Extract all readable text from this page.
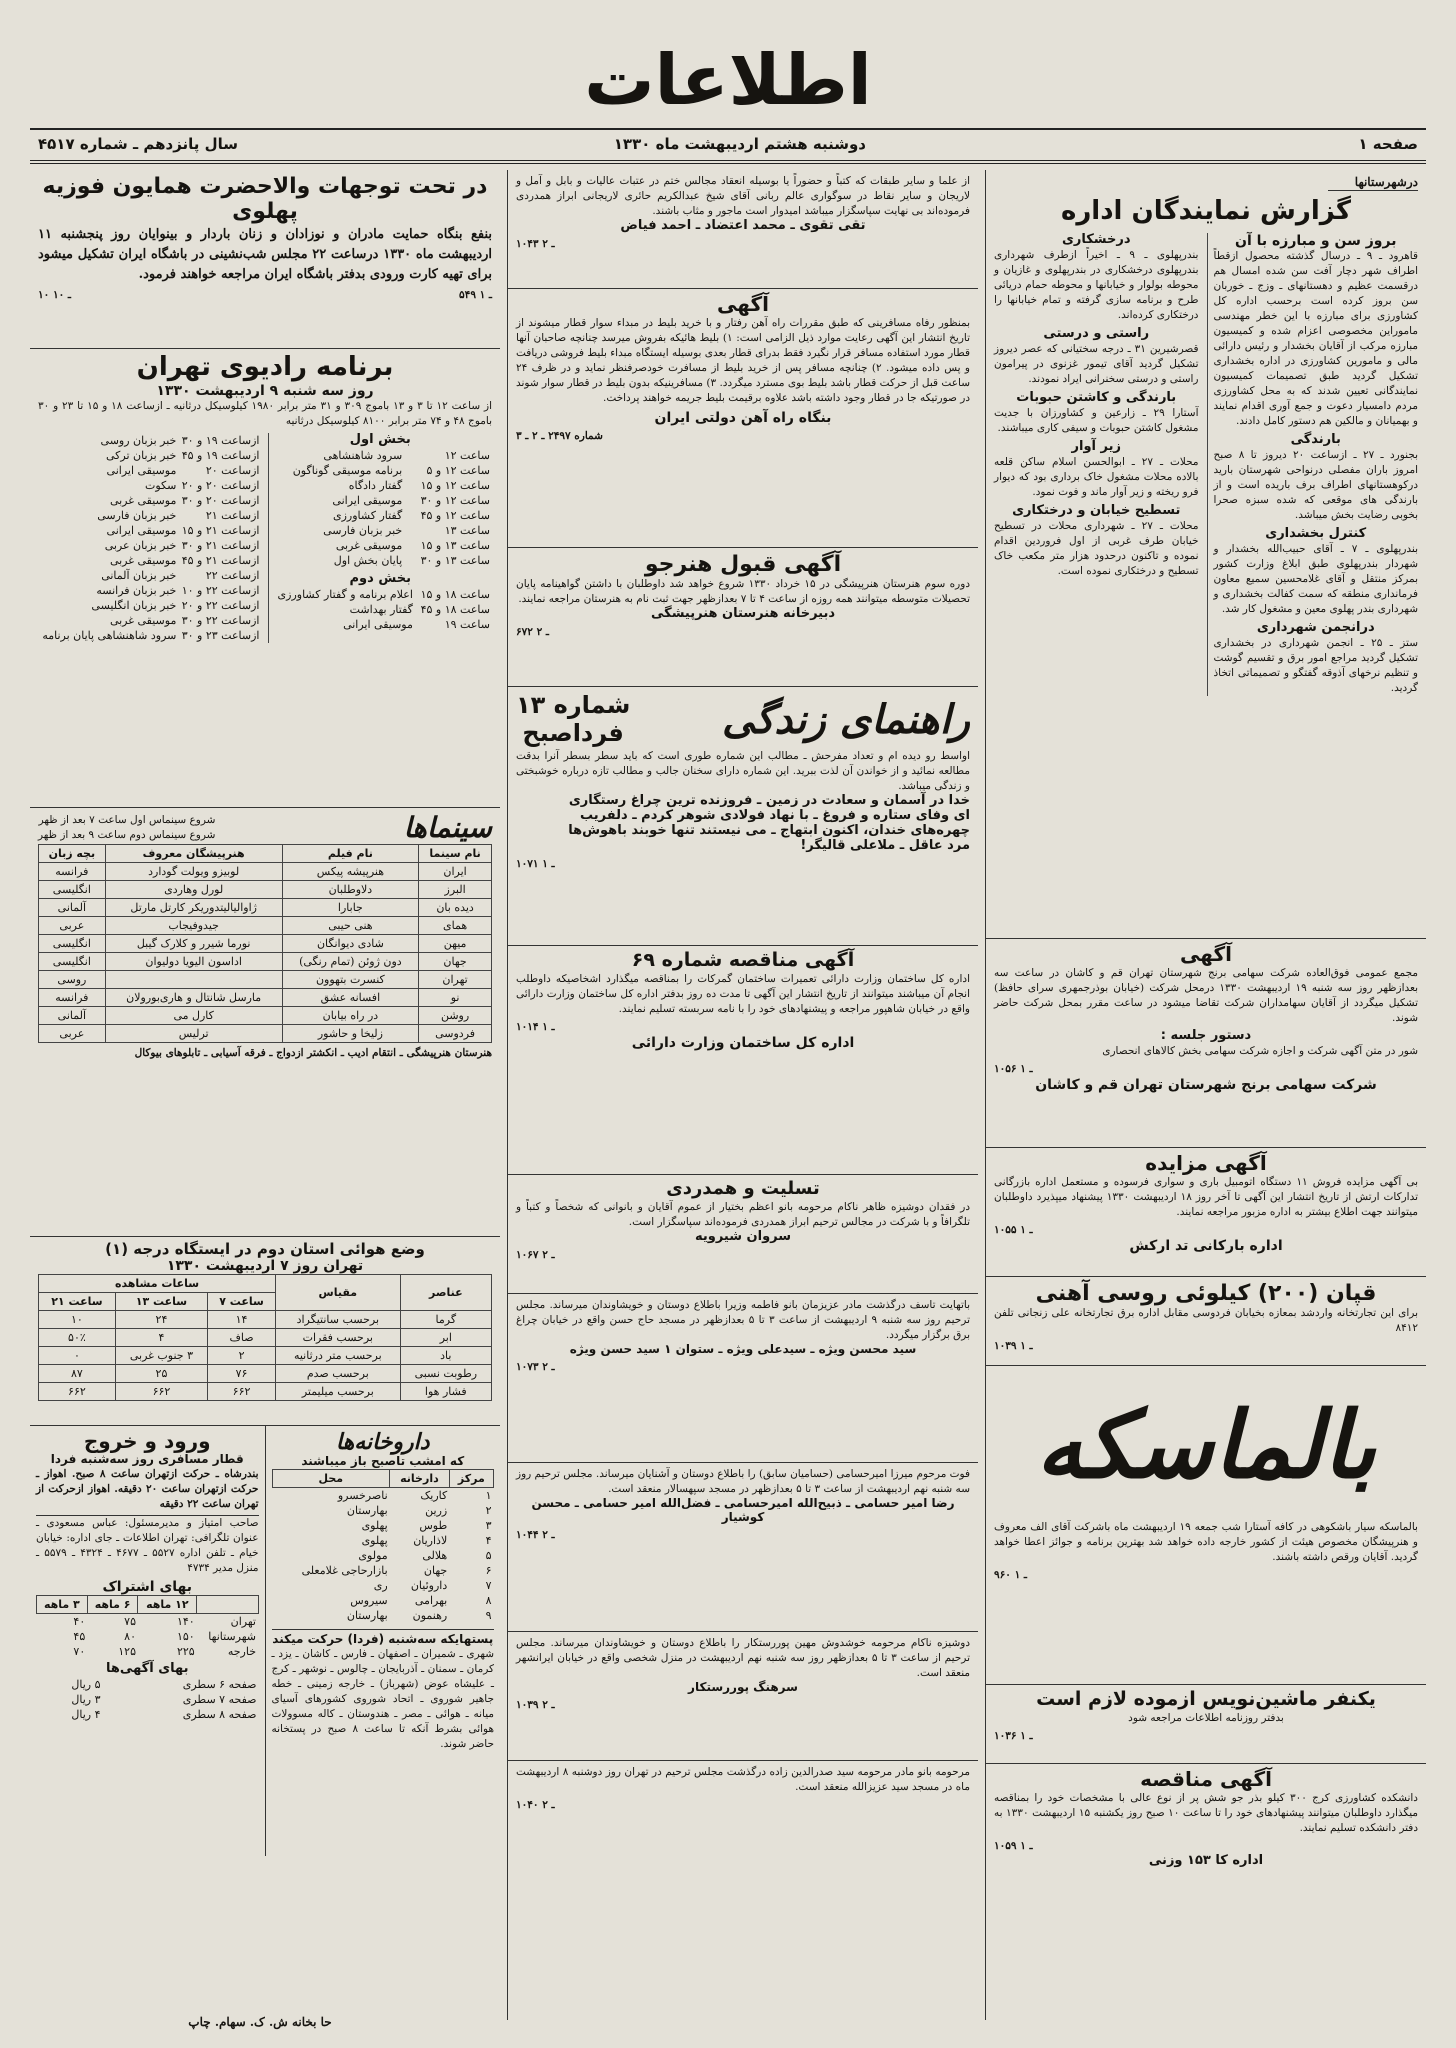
اطلاعات
صفحه ۱
دوشنبه هشتم اردیبهشت ماه ۱۳۳۰
سال پانزدهم ـ شماره ۴۵۱۷
درشهرستانها
گزارش نمایندگان اداره
بروز سن و مبارزه با آن
قاهرود ـ ۹ ـ درسال گذشته محصول ازقطاً اطراف شهر دچار آفت سن شده امسال هم درقسمت عظیم و دهستانهای ـ وزج ـ خوربان سن بروز کرده است برحسب اداره کل کشاورزی برای مبارزه با این خطر مهندسی ماموراین مخصوصی اعزام شده و کمیسیون مبارزه مرکب از آقایان بخشدار و رئیس دارائی مالی و مامورین کشاورزی در اداره بخشداری تشکیل گردید طبق تصمیمات کمیسیون نمایندگانی تعیین شدند که به محل کشاورزی مردم دامسیار دعوت و جمع آوری اقدام نمایند و بهمیانان و مالکین هم دستور کامل دادند.
بارندگی
بجنورد ـ ۲۷ ـ ازساعت ۲۰ دیروز تا ۸ صبح امروز باران مفصلی درنواحی شهرستان بارید درکوهستانهای اطراف برف باریده است و از بارندگی های موقعی که شده سبزه صحرا بخوبی رضایت بخش میباشد.
کنترل بخشداری
بندرپهلوی ـ ۷ ـ آقای حبیب‌الله بخشدار و شهردار بندرپهلوی طبق ابلاغ وزارت کشور بمرکز منتقل و آقای غلامحسین سمیع معاون فرمانداری منطقه که سمت کفالت بخشداری و شهرداری بندر پهلوی معین و مشغول کار شد.
درانجمن شهرداری
ستز ـ ۲۵ ـ انجمن شهرداری در بخشداری تشکیل گردید مراجع امور برق و تقسیم گوشت و تنظیم نرخهای آذوقه گفتگو و تصمیماتی اتخاذ گردید.
درخشکاری
بندرپهلوی ـ ۹ ـ اخیراً ازطرف شهرداری بندرپهلوی درخشکاری در بندرپهلوی و غازیان و محوطه بولوار و خیابانها و محوطه حمام دریائی طرح و برنامه سازی گرفته و تمام خیابانها را درختکاری کرده‌اند.
راستی و درستی
قصرشیرین ۳۱ ـ درجه سختیانی که عصر دیروز تشکیل گردید آقای تیمور غزنوی در پیرامون راستی و درستی سخنرانی ایراد نمودند.
بارندگی و کاشتن حبوبات
آستارا ۲۹ ـ زارعین و کشاورزان با جدیت مشغول کاشتن حبوبات و سیفی کاری میباشند.
زیر آوار
محلات ـ ۲۷ ـ ابوالحسن اسلام ساکن قلعه بالاده محلات مشغول خاک برداری بود که دیوار فرو ریخته و زیر آوار ماند و فوت نمود.
تسطیح خیابان و درختکاری
محلات ـ ۲۷ ـ شهرداری محلات در تسطیح خیابان طرف غربی از اول فروردین اقدام نموده و تاکنون درحدود هزار متر مکعب خاک تسطیح و درختکاری نموده است.
آگهی
مجمع عمومی فوق‌العاده شرکت سهامی برنج شهرستان تهران قم و کاشان در ساعت سه بعدازظهر روز سه شنبه ۱۹ اردیبهشت ۱۳۳۰ درمحل شرکت (خیابان بوذرجمهری سرای حافظ) تشکیل میگردد از آقایان سهامداران شرکت تقاضا میشود در ساعت مقرر بمحل شرکت حاضر شوند.
دستور جلسه :
شور در متن آگهی شرکت و اجازه شرکت سهامی بخش کالاهای انحصاری
۱۰۵۶ ـ ۱
شرکت سهامی برنج شهرستان تهران قم و کاشان
آگهی مزایده
بی آگهی مزایده فروش ۱۱ دستگاه اتومبیل باری و سواری فرسوده و مستعمل اداره بازرگانی تدارکات ارتش از تاریخ انتشار این آگهی تا آخر روز ۱۸ اردیبهشت ۱۳۳۰ پیشنهاد میپذیرد داوطلبان میتوانند جهت اطلاع بیشتر به اداره مزبور مراجعه نمایند.
۱۰۵۵ ـ ۱
اداره بارکانی تد ارکش
قپان (۲۰۰) کیلوئی روسی آهنی
برای این تجارتخانه واردشد بمعازه بخیابان فردوسی مقابل اداره برق تجارتخانه علی زنجانی تلفن ۸۴۱۲
۱۰۳۹ ـ ۱
بالماسکه
بالماسکه سیار باشکوهی در کافه آستارا شب جمعه ۱۹ اردیبهشت ماه باشرکت آقای الف معروف و هنرپیشگان مخصوص هیئت از کشور خارجه داده خواهد شد بهترین برنامه و جوائز اعطا خواهد گردید. آقایان ورقص داشته باشند.
۹۶۰ ـ ۱
یکنفر ماشین‌نویس ازموده لازم است
بدفتر روزنامه اطلاعات مراجعه شود
۱۰۳۶ ـ ۱
آگهی مناقصه
دانشکده کشاورزی کرج ۳۰۰ کیلو بذر جو شش پر از نوع عالی با مشخصات خود را بمناقصه میگذارد داوطلبان میتوانند پیشنهادهای خود را تا ساعت ۱۰ صبح روز یکشنبه ۱۵ اردیبهشت ۱۳۳۰ به دفتر دانشکده تسلیم نمایند.
۱۰۵۹ ـ ۱
اداره کا ۱۵۳ وزنی
از علما و سایر طبقات که کتباً و حضوراً یا بوسیله انعقاد مجالس ختم در عتبات عالیات و بابل و آمل و لاریجان و سایر نقاط در سوگواری عالم ربانی آقای شیخ عبدالکریم حائری لاریجانی ابراز همدردی فرموده‌اند بی نهایت سپاسگزار میباشد امیدوار است ماجور و مثاب باشند.
تقی تقوی ـ محمد اعتضاد ـ احمد فیاض
۱۰۴۳ ـ ۲
آگهی
بمنظور رفاه مسافرینی که طبق مقررات راه آهن رفتار و با خرید بلیط در مبداء سوار قطار میشوند از تاریخ انتشار این آگهی رعایت موارد ذیل الزامی است: ۱) بلیط هائیکه بفروش میرسد چنانچه صاحبان آنها قطار مورد استفاده مسافر قرار نگیرد فقط بدرای قطار بعدی بوسیله ایستگاه مبداء بلیط فروشی دریافت و پس داده میشود. ۲) چنانچه مسافر پس از خرید بلیط از مسافرت خودصرفنظر نماید و در ظرف ۲۴ ساعت قبل از حرکت قطار باشد بلیط بوی مسترد میگردد. ۳) مسافرینیکه بدون بلیط در قطار سوار شوند در صورتیکه جا در قطار وجود داشته باشد علاوه برقیمت بلیط جریمه خواهند پرداخت.
بنگاه راه آهن دولتی ایران
شماره ۲۴۹۷ ـ ۲ ـ ۳
آگهی قبول هنرجو
دوره سوم هنرستان هنرپیشگی در ۱۵ خرداد ۱۳۳۰ شروع خواهد شد داوطلبان با داشتن گواهینامه پایان تحصیلات متوسطه میتوانند همه روزه از ساعت ۴ تا ۷ بعدازظهر جهت ثبت نام به هنرستان مراجعه نمایند.
دبیرخانه هنرستان هنرپیشگی
۶۷۲ ـ ۲
راهنمای زندگی
شماره ۱۳
فرداصبح
اواسط رو دیده ام و تعداد مفرحش ـ مطالب این شماره طوری است که باید سطر بسطر آنرا بدقت مطالعه نمائید و از خواندن آن لذت ببرید. این شماره دارای سخنان جالب و مطالب تازه درباره خوشبختی و زندگی میباشد.
خدا در آسمان و سعادت در زمین ـ فروزنده ترین چراغ رستگاری
ای وفای ستاره و فروغ ـ با نهاد فولادی شوهر کردم ـ دلفریب
چهره‌های خندان، اکنون ابتهاج ـ می نیستند تنها خوبند باهوش‌ها
مرد عاقل ـ ملاعلی قالیگر!
۱۰۷۱ ـ ۱
آگهی مناقصه شماره ۶۹
اداره کل ساختمان وزارت دارائی تعمیرات ساختمان گمرکات را بمناقصه میگذارد اشخاصیکه داوطلب انجام آن میباشند میتوانند از تاریخ انتشار این آگهی تا مدت ده روز بدفتر اداره کل ساختمان وزارت دارائی واقع در خیابان شاهپور مراجعه و پیشنهادهای خود را با نامه سربسته تسلیم نمایند.
۱۰۱۴ ـ ۱
اداره کل ساختمان وزارت دارائی
تسلیت و همدردی
در فقدان دوشیزه ظاهر ناکام مرحومه بانو اعظم بختیار از عموم آقایان و بانوانی که شخصاً و کتباً و تلگرافاً و با شرکت در مجالس ترحیم ابراز همدردی فرموده‌اند سپاسگزار است.
سروان شیرویه
۱۰۶۷ ـ ۲
باتهایت تاسف درگذشت مادر عزیزمان بانو فاطمه وزیرا باطلاع دوستان و خویشاوندان میرساند. مجلس ترحیم روز سه شنبه ۹ اردیبهشت از ساعت ۳ تا ۵ بعدازظهر در مسجد حاج حسن واقع در خیابان چراغ برق برگزار میگردد.
سید محسن ویژه ـ سیدعلی ویژه ـ ستوان ۱ سید حسن ویژه
۱۰۷۳ ـ ۲
فوت مرحوم میرزا امیرحسامی (حسامیان سابق) را باطلاع دوستان و آشنایان میرساند. مجلس ترحیم روز سه شنبه نهم اردیبهشت از ساعت ۳ تا ۵ بعدازظهر در مسجد سپهسالار منعقد است.
رضا امیر حسامی ـ ذبیح‌الله امیرحسامی ـ فضل‌الله امیر حسامی ـ محسن کوشیار
۱۰۴۴ ـ ۲
دوشیزه ناکام مرحومه خوشدوش مهین پوررستکار را باطلاع دوستان و خویشاوندان میرساند. مجلس ترحیم از ساعت ۳ تا ۵ بعدازظهر روز سه شنبه نهم اردیبهشت در منزل شخصی واقع در خیابان ایرانشهر منعقد است.
سرهنگ پوررستکار
۱۰۳۹ ـ ۲
مرحومه بانو مادر مرحومه سید صدرالدین زاده درگذشت مجلس ترحیم در تهران روز دوشنبه ۸ اردیبهشت ماه در مسجد سید عزیزالله منعقد است.
۱۰۴۰ ـ ۲
در تحت توجهات والاحضرت همایون فوزیه پهلوی
بنفع بنگاه حمایت مادران و نوزادان و زنان باردار و بینوایان روز پنجشنبه ۱۱ اردیبهشت ماه ۱۳۳۰ درساعت ۲۲ مجلس شب‌نشینی در باشگاه ایران تشکیل میشود برای تهیه کارت ورودی بدفتر باشگاه ایران مراجعه خواهند فرمود.
۵۴۹ ـ ۱
۱۰ ـ ۱۰
برنامه رادیوی تهران
روز سه شنبه ۹ اردیبهشت ۱۳۳۰
از ساعت ۱۲ تا ۳ و ۱۳ باموج ۳۰۹ و ۳۱ متر برابر ۱۹۸۰ کیلوسیکل درثانیه ـ ازساعت ۱۸ و ۱۵ تا ۲۳ و ۳۰ باموج ۴۸ و ۷۴ متر برابر ۸۱۰۰ کیلوسیکل درثانیه
بخش اول
ساعت ۱۲	سرود شاهنشاهی
ساعت ۱۲ و ۵	برنامه موسیقی گوناگون
ساعت ۱۲ و ۱۵	گفتار دادگاه
ساعت ۱۲ و ۳۰	موسیقی ایرانی
ساعت ۱۲ و ۴۵	گفتار کشاورزی
ساعت ۱۳	خبر بزبان فارسی
ساعت ۱۳ و ۱۵	موسیقی غربی
ساعت ۱۳ و ۳۰	پایان بخش اول
بخش دوم
ساعت ۱۸ و ۱۵	اعلام برنامه و گفتار کشاورزی
ساعت ۱۸ و ۴۵	گفتار بهداشت
ساعت ۱۹	موسیقی ایرانی
ازساعت ۱۹ و ۳۰	خبر بزبان روسی
ازساعت ۱۹ و ۴۵	خبر بزبان ترکی
ازساعت ۲۰	موسیقی ایرانی
ازساعت ۲۰ و ۲۰	سکوت
ازساعت ۲۰ و ۳۰	موسیقی غربی
ازساعت ۲۱	خبر بزبان فارسی
ازساعت ۲۱ و ۱۵	موسیقی ایرانی
ازساعت ۲۱ و ۳۰	خبر بزبان عربی
ازساعت ۲۱ و ۴۵	موسیقی غربی
ازساعت ۲۲	خبر بزبان آلمانی
ازساعت ۲۲ و ۱۰	خبر بزبان فرانسه
ازساعت ۲۲ و ۲۰	خبر بزبان انگلیسی
ازساعت ۲۲ و ۳۰	موسیقی غربی
ازساعت ۲۳ و ۳۰	سرود شاهنشاهی پایان برنامه
سینماها
شروع سینماس اول ساعت ۷ بعد از ظهر
شروع سینماس دوم ساعت ۹ بعد از ظهر
نام سینما	نام فیلم	هنرپیشگان معروف	بچه زبان
ایران	هنرپیشه پیکس	لوبیزو ویولت گودارد	فرانسه
البرز	دلاوطلبان	لورل وهاردی	انگلیسی
دیده بان	جابارا	ژاوالیالیتدوریکر کارتل مارتل	آلمانی
همای	هنی حیبی	جیدوفیجاب	عربی
میهن	شادی دیوانگان	نورما شیرر و کلارک گیبل	انگلیسی
جهان	دون ژوئن (تمام رنگی)	اداسون الیویا دولیوان	انگلیسی
تهران	کنسرت بتهوون		روسی
نو	افسانه عشق	مارسل شانتال و هاری‌بورولان	فرانسه
روشن	در راه بیابان	کارل می	آلمانی
فردوسی	زلیخا و حاشور	ترلیس	عربی
هنرستان هنرپیشگی ـ انتقام ادیب ـ انکشتر ازدواج ـ فرقه آسیابی ـ تابلوهای بیوکال
وضع هوائی استان دوم در ایستگاه درجه (۱)
تهران روز ۷ اردیبهشت ۱۳۳۰
عناصر	مقیاس	ساعات مشاهده		
		ساعت ۷	ساعت ۱۳	ساعت ۲۱
گرما	برحسب سانتیگراد	۱۴	۲۴	۱۰
ابر	برحسب فقرات	صاف	۴	۵۰٪
باد	برحسب متر درثانیه	۲	۳ جنوب غربی	۰
رطوبت نسبی	برحسب صدم	۷۶	۲۵	۸۷
فشار هوا	برحسب میلیمتر	۶۶۲	۶۶۲	۶۶۲
داروخانه‌ها
که امشب تاصبح باز میباشند
مرکز	دارخانه	محل
۱	کاریک	ناصرخسرو
۲	زرین	بهارستان
۳	طوس	پهلوی
۴	لاذاریان	پهلوی
۵	هلالی	مولوی
۶	جهان	بازارحاجی غلامعلی
۷	داروئیان	ری
۸	بهرامی	سیروس
۹	رهنمون	بهارستان
پستهایکه سه‌شنبه (فردا) حرکت میکند
شهری ـ شمیران ـ اصفهان ـ فارس ـ کاشان ـ یزد ـ کرمان ـ سمنان ـ آذربایجان ـ چالوس ـ نوشهر ـ کرج ـ علیشاه عوض (شهرباز) ـ خارجه زمینی ـ خطه جاهیر شوروی ـ اتحاد شوروی کشورهای آسیای میانه ـ هوائی ـ مصر ـ هندوستان ـ کاله مسوولات هوائی بشرط آنکه تا ساعت ۸ صبح در پستخانه حاضر شوند.
ورود و خروج
قطار مسافری روز سه‌شنبه فردا
بندرشاه ـ حرکت ازتهران ساعت ۸ صبح. اهواز ـ حرکت ازتهران ساعت ۲۰ دقیقه. اهواز ازحرکت از تهران ساعت ۲۲ دقیقه
صاحب امتیاز و مدیرمسئول: عباس مسعودی ـ عنوان تلگرافی: تهران اطلاعات ـ جای اداره: خیابان خیام ـ تلفن اداره ۵۵۲۷ ـ ۴۶۷۷ ـ ۴۳۲۴ ـ ۵۵۷۹ ـ منزل مدیر ۴۷۳۴
بهای اشتراک
	۱۲ ماهه	۶ ماهه	۳ ماهه
تهران	۱۴۰	۷۵	۴۰
شهرستانها	۱۵۰	۸۰	۴۵
خارجه	۲۲۵	۱۲۵	۷۰
بهای آگهی‌ها
صفحه ۶ سطری	۵ ریال
صفحه ۷ سطری	۳ ریال
صفحه ۸ سطری	۴ ریال
حا بخانه ش. ک. سهام. چاپ
